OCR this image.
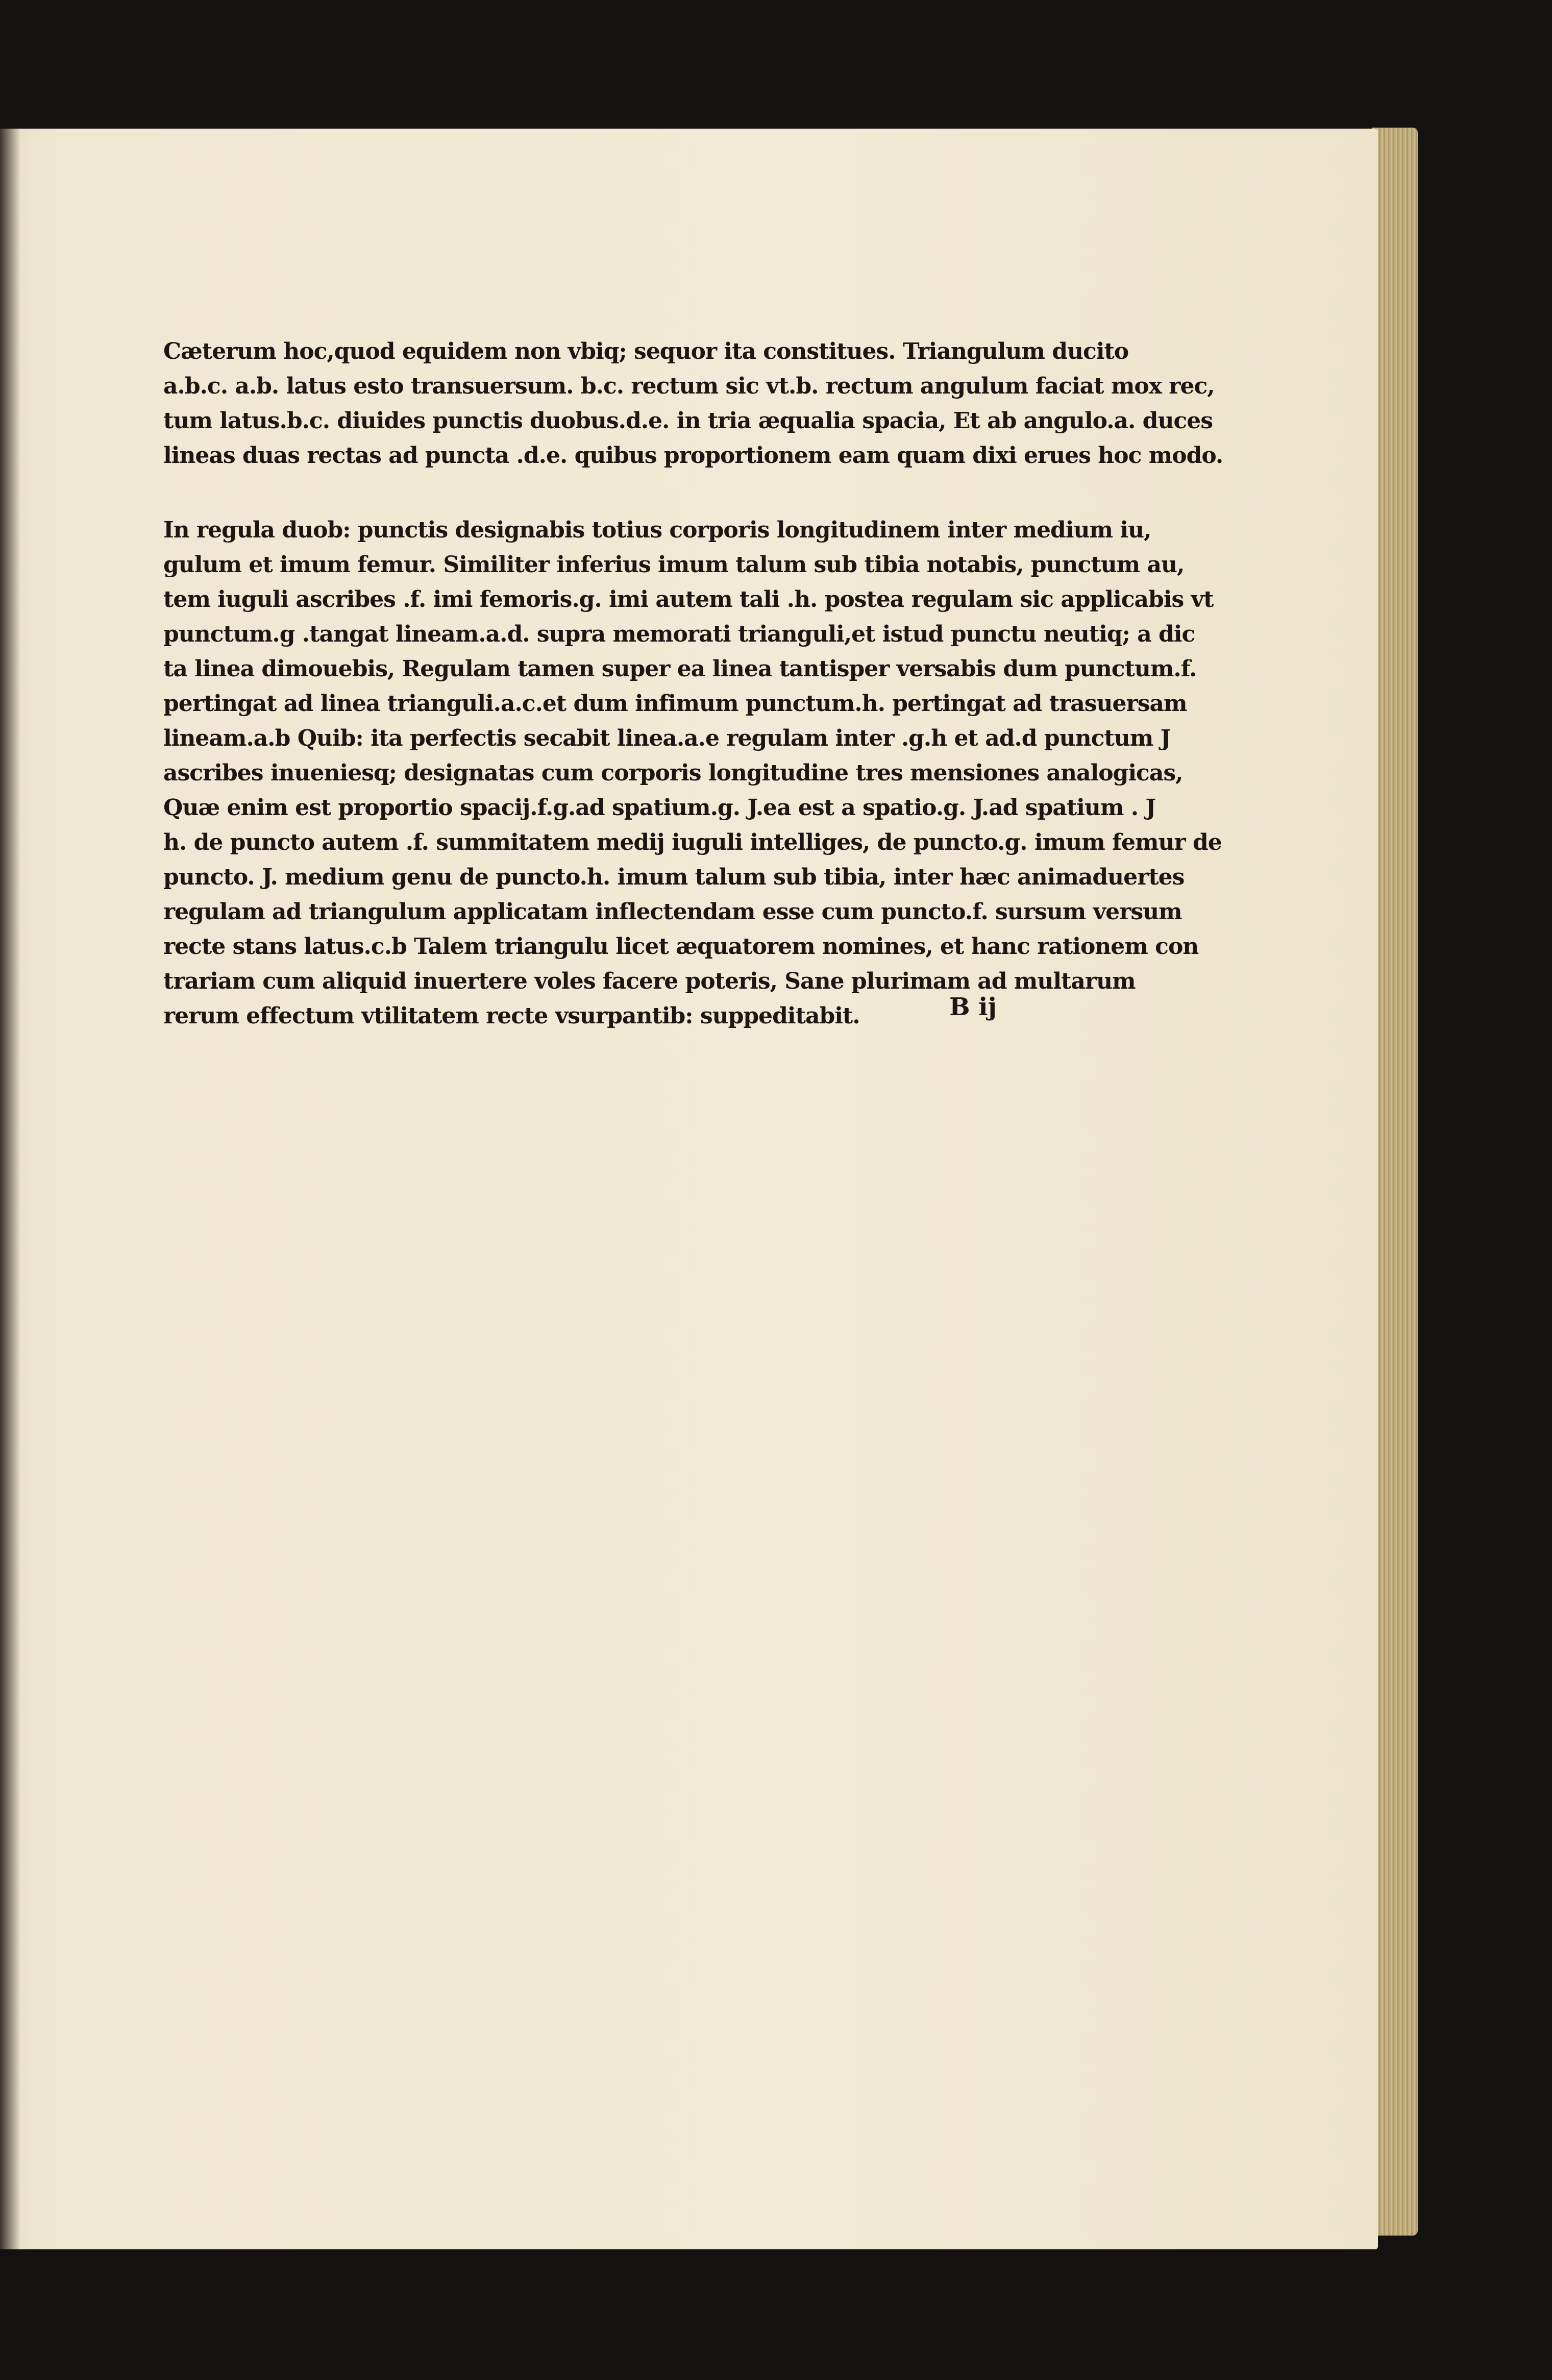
Cæterum hoc,quod equidem non vbiq; sequor ita constitues. Triangulum ducito
a.b.c. a.b. latus esto transuersum. b.c. rectum sic vt.b. rectum angulum faciat mox rec,
tum latus.b.c. diuides punctis duobus.d.e. in tria æqualia spacia, Et ab angulo.a. duces
lineas duas rectas ad puncta .d.e. quibus proportionem eam quam dixi erues hoc modo.

In regula duob: punctis designabis totius corporis longitudinem inter medium iu,
gulum et imum femur. Similiter inferius imum talum sub tibia notabis, punctum au,
tem iuguli ascribes .f. imi femoris.g. imi autem tali .h. postea regulam sic applicabis vt
punctum.g .tangat lineam.a.d. supra memorati trianguli,et istud punctu neutiq; a dic
ta linea dimouebis, Regulam tamen super ea linea tantisper versabis dum punctum.f.
pertingat ad linea trianguli.a.c.et dum infimum punctum.h. pertingat ad trasuersam
lineam.a.b Quib: ita perfectis secabit linea.a.e regulam inter .g.h et ad.d punctum J
ascribes inueniesq; designatas cum corporis longitudine tres mensiones analogicas,
Quæ enim est proportio spacij.f.g.ad spatium.g. J.ea est a spatio.g. J.ad spatium . J
h. de puncto autem .f. summitatem medij iuguli intelliges, de puncto.g. imum femur de
puncto. J. medium genu de puncto.h. imum talum sub tibia, inter hæc animaduertes
regulam ad triangulum applicatam inflectendam esse cum puncto.f. sursum versum
recte stans latus.c.b Talem triangulu licet æquatorem nomines, et hanc rationem con
trariam cum aliquid inuertere voles facere poteris, Sane plurimam ad multarum
rerum effectum vtilitatem recte vsurpantib: suppeditabit.	B ij
